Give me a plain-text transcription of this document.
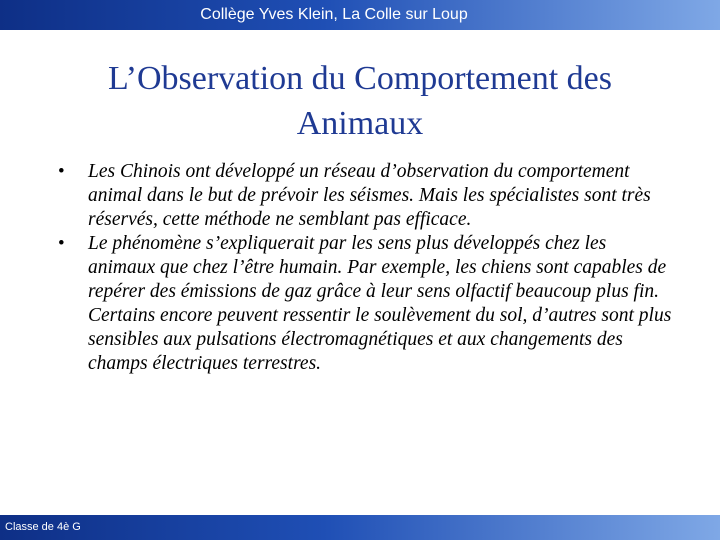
Collège Yves Klein, La Colle sur Loup
L’Observation du Comportement des
Animaux
• Les Chinois ont développé un réseau d’observation du comportement animal dans le but de prévoir les séismes. Mais les spécialistes sont très réservés, cette méthode ne semblant pas efficace.
• Le phénomène s’expliquerait par les sens plus développés chez les animaux que chez l’être humain. Par exemple, les chiens sont capables de repérer des émissions de gaz grâce à leur sens olfactif beaucoup plus fin. Certains encore peuvent ressentir le soulèvement du sol, d’autres sont plus sensibles aux pulsations électromagnétiques et aux changements des champs électriques terrestres.
Classe de 4è G
